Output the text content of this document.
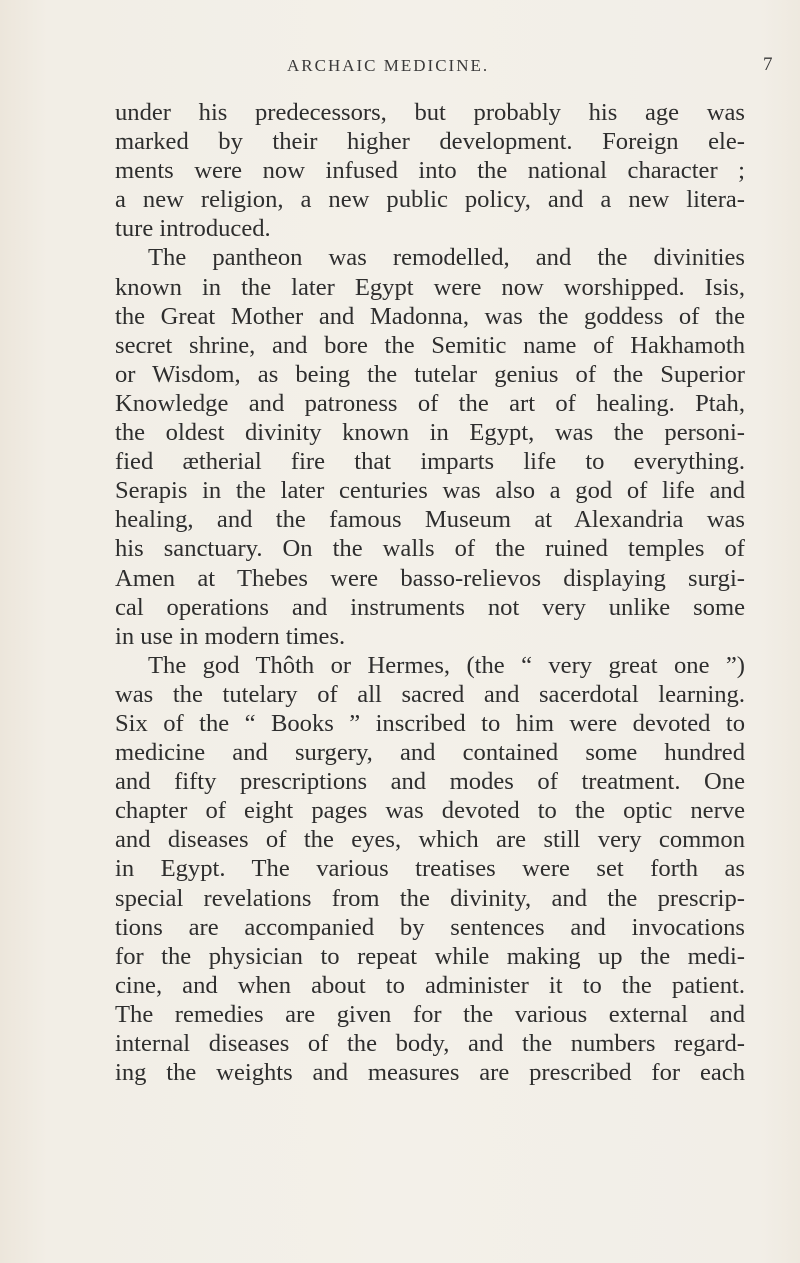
ARCHAIC MEDICINE.	7
under his predecessors, but probably his age was
marked by their higher development. Foreign ele-
ments were now infused into the national character ;
a new religion, a new public policy, and a new litera-
ture introduced.
The pantheon was remodelled, and the divinities
known in the later Egypt were now worshipped. Isis,
the Great Mother and Madonna, was the goddess of the
secret shrine, and bore the Semitic name of Hakhamoth
or Wisdom, as being the tutelar genius of the Superior
Knowledge and patroness of the art of healing. Ptah,
the oldest divinity known in Egypt, was the personi-
fied ætherial fire that imparts life to everything.
Serapis in the later centuries was also a god of life and
healing, and the famous Museum at Alexandria was
his sanctuary. On the walls of the ruined temples of
Amen at Thebes were basso-relievos displaying surgi-
cal operations and instruments not very unlike some
in use in modern times.
The god Thôth or Hermes, (the “ very great one ”)
was the tutelary of all sacred and sacerdotal learning.
Six of the “ Books ” inscribed to him were devoted to
medicine and surgery, and contained some hundred
and fifty prescriptions and modes of treatment. One
chapter of eight pages was devoted to the optic nerve
and diseases of the eyes, which are still very common
in Egypt. The various treatises were set forth as
special revelations from the divinity, and the prescrip-
tions are accompanied by sentences and invocations
for the physician to repeat while making up the medi-
cine, and when about to administer it to the patient.
The remedies are given for the various external and
internal diseases of the body, and the numbers regard-
ing the weights and measures are prescribed for each
